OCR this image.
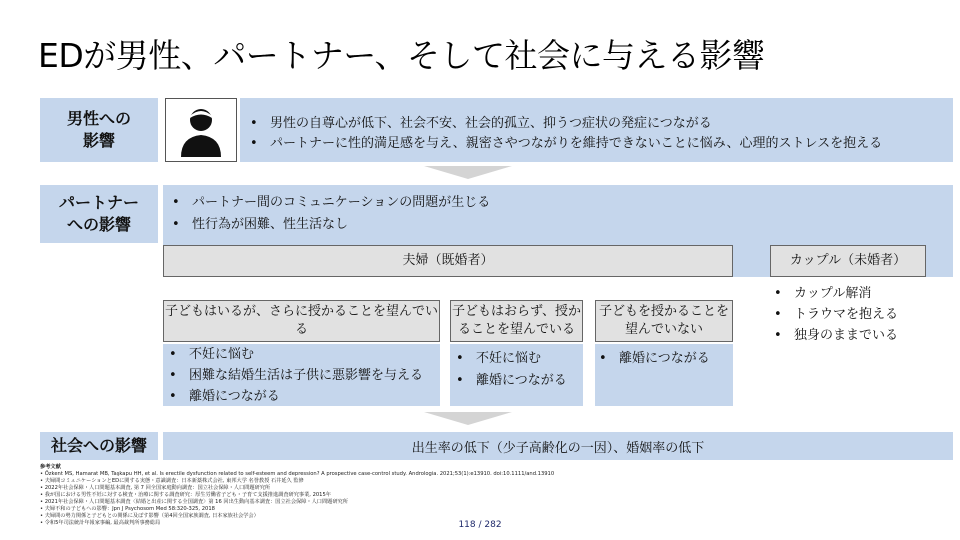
EDが男性、パートナー、そして社会に与える影響
男性への
影響
• 男性の自尊心が低下、社会不安、社会的孤立、抑うつ症状の発症につながる
• パートナーに性的満足感を与え、親密さやつながりを維持できないことに悩み、心理的ストレスを抱える
パートナー
への影響
• パートナー間のコミュニケーションの問題が生じる
• 性行為が困難、性生活なし
夫婦（既婚者）	カップル（未婚者）
• カップル解消
• トラウマを抱える
• 独身のままでいる
子どもはいるが、さらに授かることを望んでいる
• 不妊に悩む
• 困難な結婚生活は子供に悪影響を与える
• 離婚につながる
子どもはおらず、授か
ることを望んでいる
• 不妊に悩む
• 離婚につながる
子どもを授かることを
望んでいない
• 離婚につながる
社会への影響	出生率の低下（少子高齢化の一因）、婚姻率の低下
参考文献
• Özkent MS, Hamarat MB, Taşkapu HH, et al. Is erectile dysfunction related to self-esteem and depression? A prospective case-control study. Andrologia. 2021;53(1):e13910. doi:10.1111/and.13910
• 夫婦間コミュニケーションとEDに関する実態・意識調査：日本新薬株式会社, 東邦大学 名誉教授 石井延久 監修
• 2022年社会保障・人口問題基本調査, 第 7 回全国家庭動向調査：国立社会保障・人口問題研究所
• 我が国における男性不妊に対する検査・治療に関する調査研究：厚生労働省子ども・子育て支援推進調査研究事業, 2015年
• 2021年社会保障・人口問題基本調査〈結婚と出産に関する全国調査〉第 16 回出生動向基本調査：国立社会保障・人口問題研究所
• 夫婦不和の子どもへの影響：Jpn J Psychosom Med 58:320-325, 2018
• 夫婦間の勢力関係と子どもとの関係に及ぼす影響（第4回全国家族調査, 日本家族社会学会）
• 令和5年司法統計年報家事編, 最高裁判所事務総局	118 / 282
